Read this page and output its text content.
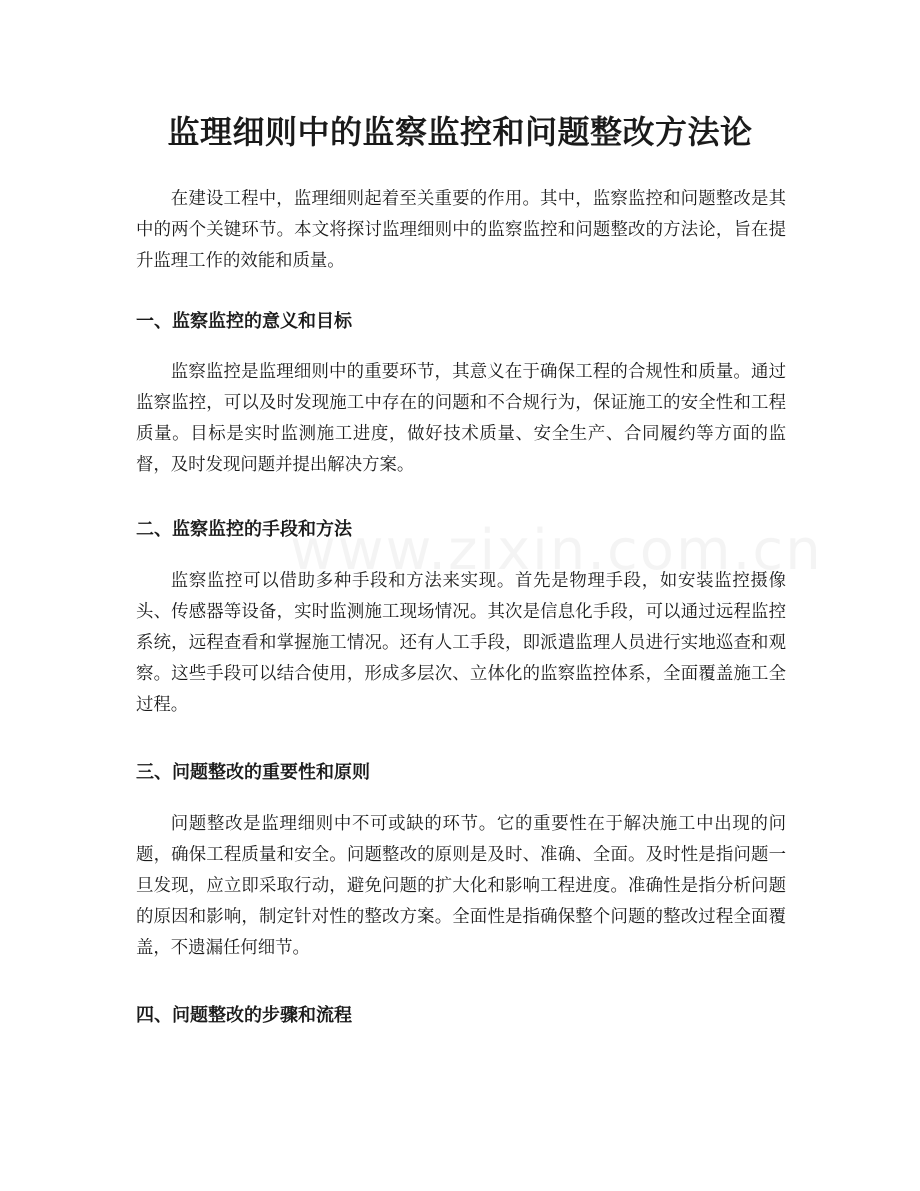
监理细则中的监察监控和问题整改方法论

在建设工程中，监理细则起着至关重要的作用。其中，监察监控和问题整改是其中的两个关键环节。本文将探讨监理细则中的监察监控和问题整改的方法论，旨在提升监理工作的效能和质量。

一、监察监控的意义和目标

监察监控是监理细则中的重要环节，其意义在于确保工程的合规性和质量。通过监察监控，可以及时发现施工中存在的问题和不合规行为，保证施工的安全性和工程质量。目标是实时监测施工进度，做好技术质量、安全生产、合同履约等方面的监督，及时发现问题并提出解决方案。

二、监察监控的手段和方法

监察监控可以借助多种手段和方法来实现。首先是物理手段，如安装监控摄像头、传感器等设备，实时监测施工现场情况。其次是信息化手段，可以通过远程监控系统，远程查看和掌握施工情况。还有人工手段，即派遣监理人员进行实地巡查和观察。这些手段可以结合使用，形成多层次、立体化的监察监控体系，全面覆盖施工全过程。

三、问题整改的重要性和原则

问题整改是监理细则中不可或缺的环节。它的重要性在于解决施工中出现的问题，确保工程质量和安全。问题整改的原则是及时、准确、全面。及时性是指问题一旦发现，应立即采取行动，避免问题的扩大化和影响工程进度。准确性是指分析问题的原因和影响，制定针对性的整改方案。全面性是指确保整个问题的整改过程全面覆盖，不遗漏任何细节。

四、问题整改的步骤和流程
